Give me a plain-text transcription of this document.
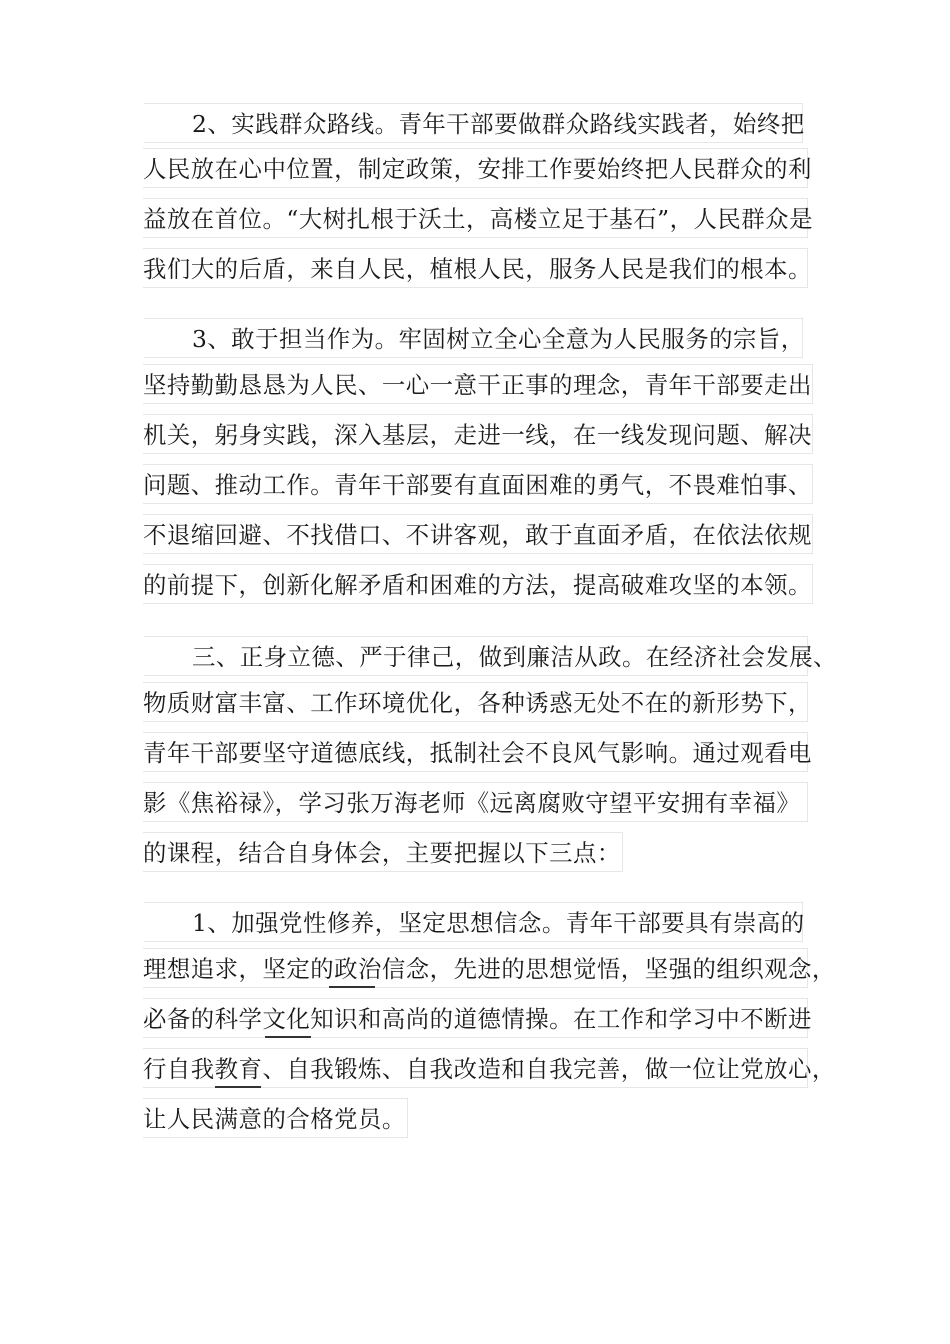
2、实践群众路线。青年干部要做群众路线实践者，始终把
人民放在心中位置，制定政策，安排工作要始终把人民群众的利
益放在首位。“大树扎根于沃土，高楼立足于基石”，人民群众是
我们大的后盾，来自人民，植根人民，服务人民是我们的根本。
3、敢于担当作为。牢固树立全心全意为人民服务的宗旨，
坚持勤勤恳恳为人民、一心一意干正事的理念，青年干部要走出
机关，躬身实践，深入基层，走进一线，在一线发现问题、解决
问题、推动工作。青年干部要有直面困难的勇气，不畏难怕事、
不退缩回避、不找借口、不讲客观，敢于直面矛盾，在依法依规
的前提下，创新化解矛盾和困难的方法，提高破难攻坚的本领。
三、正身立德、严于律己，做到廉洁从政。在经济社会发展、
物质财富丰富、工作环境优化，各种诱惑无处不在的新形势下，
青年干部要坚守道德底线，抵制社会不良风气影响。通过观看电
影《焦裕禄》，学习张万海老师《远离腐败守望平安拥有幸福》
的课程，结合自身体会，主要把握以下三点：
1、加强党性修养，坚定思想信念。青年干部要具有崇高的
理想追求，坚定的政治信念，先进的思想觉悟，坚强的组织观念，
必备的科学文化知识和高尚的道德情操。在工作和学习中不断进
行自我教育、自我锻炼、自我改造和自我完善，做一位让党放心，
让人民满意的合格党员。
